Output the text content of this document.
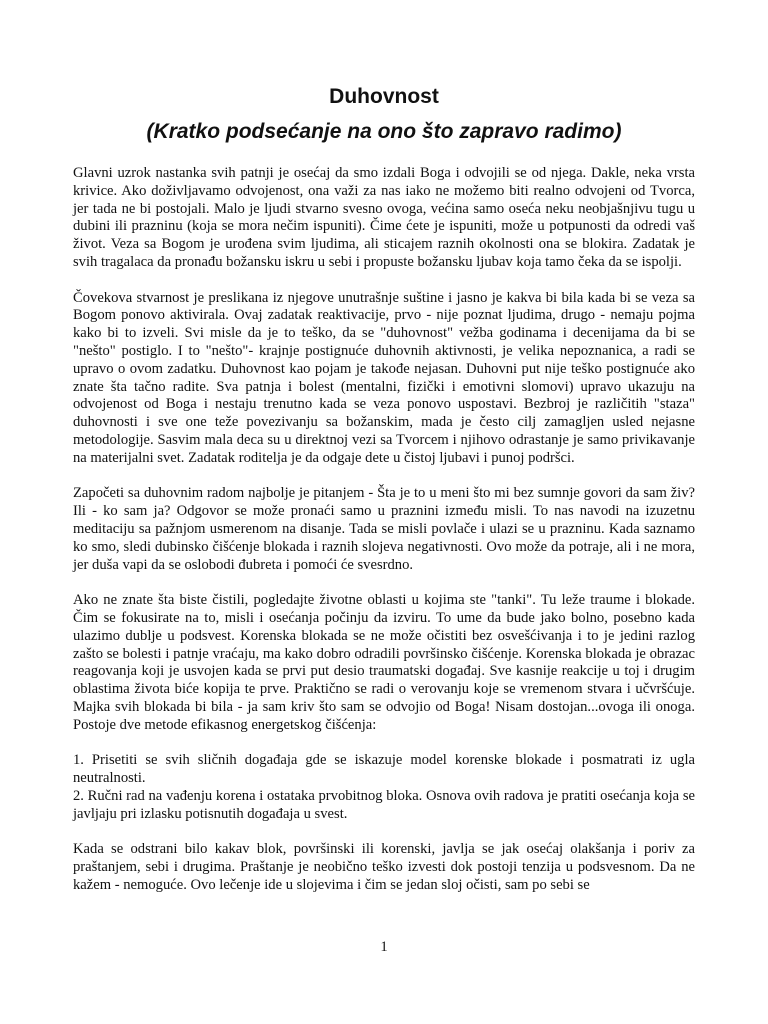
Duhovnost
(Kratko podsećanje na ono što zapravo radimo)

Glavni uzrok nastanka svih patnji je osećaj da smo izdali Boga i odvojili se od njega. Dakle, neka vrsta krivice. Ako doživljavamo odvojenost, ona važi za nas iako ne možemo biti realno odvojeni od Tvorca, jer tada ne bi postojali. Malo je ljudi stvarno svesno ovoga, većina samo oseća neku neobjašnjivu tugu u dubini ili prazninu (koja se mora nečim ispuniti). Čime ćete je ispuniti, može u potpunosti da odredi vaš život. Veza sa Bogom je urođena svim ljudima, ali sticajem raznih okolnosti ona se blokira. Zadatak je svih tragalaca da pronađu božansku iskru u sebi i propuste božansku ljubav koja tamo čeka da se ispolji.

Čovekova stvarnost je preslikana iz njegove unutrašnje suštine i jasno je kakva bi bila kada bi se veza sa Bogom ponovo aktivirala. Ovaj zadatak reaktivacije, prvo - nije poznat ljudima, drugo - nemaju pojma kako bi to izveli. Svi misle da je to teško, da se "duhovnost" vežba godinama i decenijama da bi se "nešto" postiglo. I to "nešto"- krajnje postignuće duhovnih aktivnosti, je velika nepoznanica, a radi se upravo o ovom zadatku. Duhovnost kao pojam je takođe nejasan. Duhovni put nije teško postignuće ako znate šta tačno radite. Sva patnja i bolest (mentalni, fizički i emotivni slomovi) upravo ukazuju na odvojenost od Boga i nestaju trenutno kada se veza ponovo uspostavi. Bezbroj je različitih "staza" duhovnosti i sve one teže povezivanju sa božanskim, mada je često cilj zamagljen usled nejasne metodologije. Sasvim mala deca su u direktnoj vezi sa Tvorcem i njihovo odrastanje je samo privikavanje na materijalni svet. Zadatak roditelja je da odgaje dete u čistoj ljubavi i punoj podršci.

Započeti sa duhovnim radom najbolje je pitanjem - Šta je to u meni što mi bez sumnje govori da sam živ? Ili - ko sam ja? Odgovor se može pronaći samo u praznini između misli. To nas navodi na izuzetnu meditaciju sa pažnjom usmerenom na disanje. Tada se misli povlače i ulazi se u prazninu. Kada saznamo ko smo, sledi dubinsko čišćenje blokada i raznih slojeva negativnosti. Ovo može da potraje, ali i ne mora, jer duša vapi da se oslobodi đubreta i pomoći će svesrdno.

Ako ne znate šta biste čistili, pogledajte životne oblasti u kojima ste "tanki". Tu leže traume i blokade. Čim se fokusirate na to, misli i osećanja počinju da izviru. To ume da bude jako bolno, posebno kada ulazimo dublje u podsvest. Korenska blokada se ne može očistiti bez osvešćivanja i to je jedini razlog zašto se bolesti i patnje vraćaju, ma kako dobro odradili površinsko čišćenje. Korenska blokada je obrazac reagovanja koji je usvojen kada se prvi put desio traumatski događaj. Sve kasnije reakcije u toj i drugim oblastima života biće kopija te prve. Praktično se radi o verovanju koje se vremenom stvara i učvršćuje. Majka svih blokada bi bila - ja sam kriv što sam se odvojio od Boga! Nisam dostojan...ovoga ili onoga. Postoje dve metode efikasnog energetskog čišćenja:

1. Prisetiti se svih sličnih događaja gde se iskazuje model korenske blokade i posmatrati iz ugla neutralnosti.

2. Ručni rad na vađenju korena i ostataka prvobitnog bloka. Osnova ovih radova je pratiti osećanja koja se javljaju pri izlasku potisnutih događaja u svest.

Kada se odstrani bilo kakav blok, površinski ili korenski, javlja se jak osećaj olakšanja i poriv za praštanjem, sebi i drugima. Praštanje je neobično teško izvesti dok postoji tenzija u podsvesnom. Da ne kažem - nemoguće. Ovo lečenje ide u slojevima i čim se jedan sloj očisti, sam po sebi se

1
